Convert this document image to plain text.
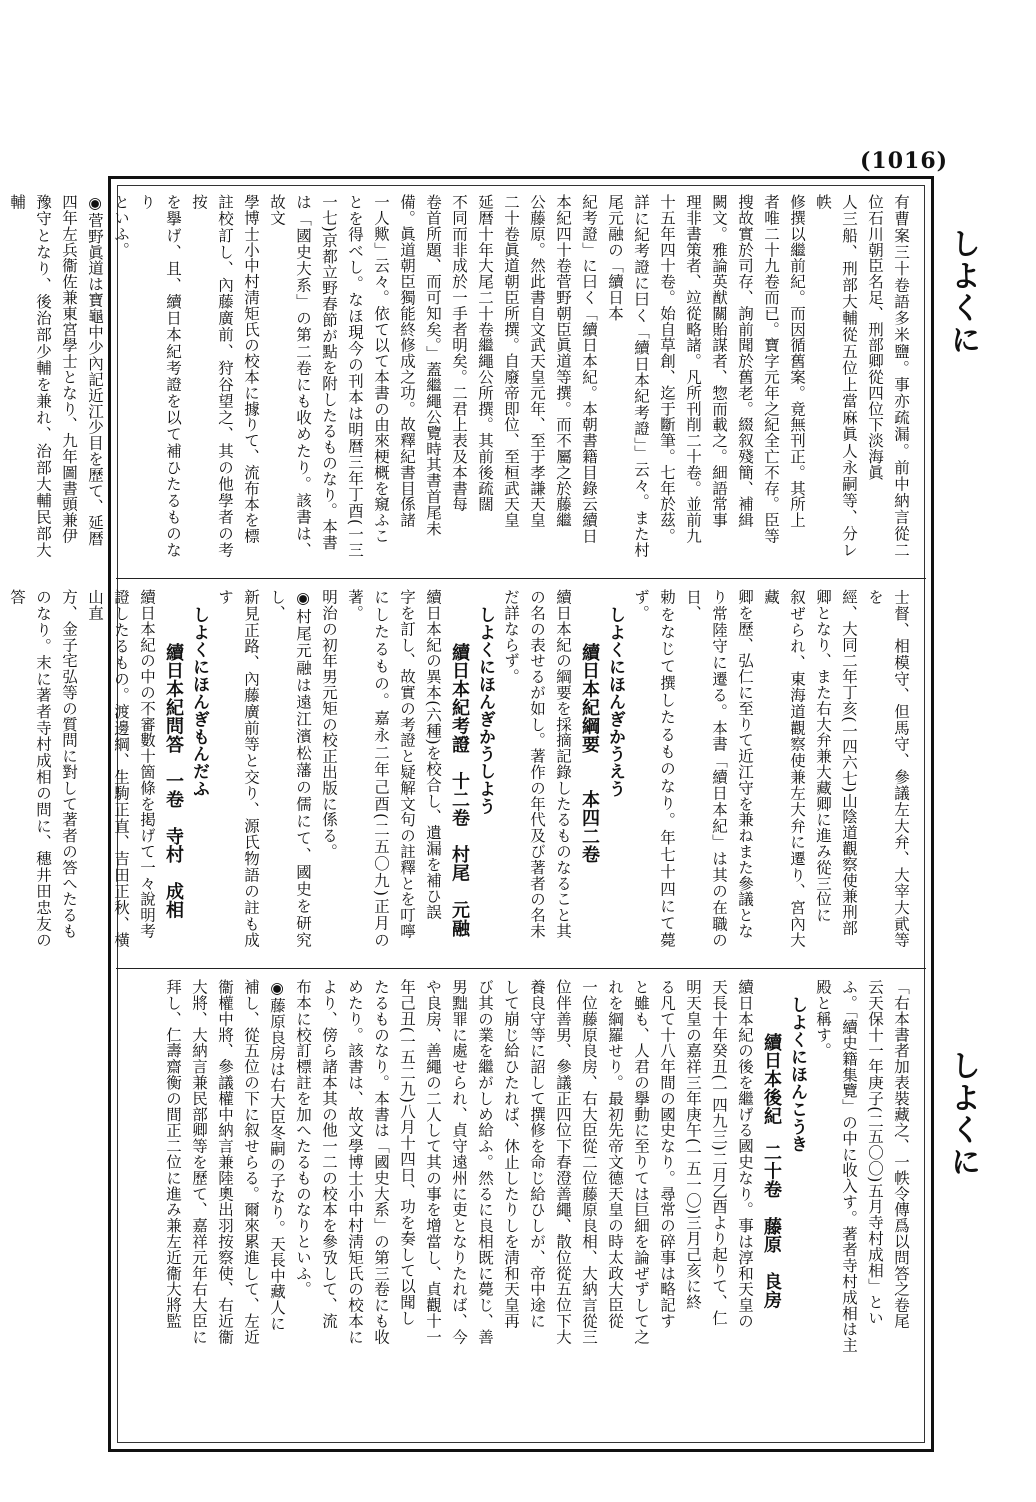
(1016)
しよくに
しよくに

有曹案三十卷語多米鹽。事亦疏漏。前中納言從二位石川朝臣名足、刑部卿從四位下淡海眞

人三船、刑部大輔從五位上當麻眞人永嗣等、分レ帙

修撰以繼前紀。而因循舊案。竟無刊正。其所上

者唯二十九卷而已。寶字元年之紀全亡不存。臣等

搜故實於司存、詢前聞於舊老。綴叙殘簡、補緝

闕文。雅論英猷關貽謀者、惣而載之。細語常事

理非書策者、竝從略諸。凡所刊削二十卷。並前九

十五年四十卷。始自草創、迄于斷筆。七年於茲。

詳に紀考證に曰く「續日本紀考證」」云々。また村尾元融の「續日本

紀考證」に曰く「續日本紀。本朝書籍目錄云續日

本紀四十卷菅野朝臣眞道等撰。而不屬之於藤繼

公藤原。然此書自文武天皇元年、至于孝謙天皇

二十卷眞道朝臣所撰。自廢帝即位、至桓武天皇

延暦十年大尾二十卷繼繩公所撰。其前後疏闊

不同而非成於一手者明矣。二君上表及本書每

卷首所題、而可知矣。」蓋繼繩公覽時其書首尾未

備。眞道朝臣獨能終修成之功。故釋紀書目係諸

一人歟」云々。依て以て本書の由來梗概を窺ふこ

とを得べし。なほ現今の刊本は明暦三年丁酉(一三一七)京都立野春節が點を附したるものなり。本書

は「國史大系」の第二卷にも收めたり。該書は、故文

學博士小中村淸矩氏の校本に據りて、流布本を標

註校訂し、內藤廣前、狩谷望之、其の他學者の考按

を擧げ、且、續日本紀考證を以て補ひたるものなり

といふ。

◉菅野眞道は寶龜中少內記近江少目を歷て、延暦

四年左兵衞佐兼東宮學士となり、九年圖書頭兼伊

豫守となり、後治部少輔を兼れ、治部大輔民部大輔

士督、相模守、但馬守、參議左大弁、大宰大貮等を

經、大同二年丁亥(一四六七)山陰道觀察使兼刑部

卿となり、また右大弁兼大藏卿に進み從三位に

叙ぜられ、東海道觀察使兼左大弁に遷り、宮內大藏

卿を歷、弘仁に至りて近江守を兼ねまた參議とな

り常陸守に遷る。本書「續日本紀」は其の在職の日、

勅をなじて撰したるものなり。年七十四にて薨ず。

しよくにほんぎかうえう

續日本紀綱要　　本四二卷

續日本紀の綱要を採摘記錄したるものなること其

の名の表せるが如し。著作の年代及び著者の名未

だ詳ならず。

しよくにほんぎかうしよう

續日本紀考證　十二卷　村尾　元融

續日本紀の異本(六種)を校合し、遺漏を補ひ誤

字を訂し、故實の考證と疑解文句の註釋とを叮嚀

にしたるもの。嘉永二年己酉(二五〇九)正月の著。

明治の初年男元矩の校正出版に係る。

◉村尾元融は遠江濱松藩の儒にて、國史を研究し、

新見正路、內藤廣前等と交り、源氏物語の註も成す

しよくにほんぎもんだふ

續日本紀問答　一卷　寺村　成相

續日本紀の中の不審數十箇條を掲げて一々說明考

證したるもの。渡邊綱、生駒正直、吉田正秋、橫山直

方、金子宅弘等の質問に對して著者の答へたるも

のなり。末に著者寺村成相の問に、穗井田忠友の答

「右本書者加表裝藏之、一帙令傳爲以問答之卷尾

云天保十一年庚子(二五〇〇)五月寺村成相」とい

ふ。「續史籍集覽」の中に收入す。著者寺村成相は主

殿と稱す。

しよくにほんこうき

續日本後紀　二十卷　藤原　良房

續日本紀の後を繼げる國史なり。事は淳和天皇の

天長十年癸丑(一四九三)二月乙酉より起りて、仁

明天皇の嘉祥三年庚午(一五一〇)三月己亥に終

る凡て十八年間の國史なり。尋常の碎事は略記す

と雖も、人君の擧動に至りては巨細を論ぜずして之

れを綱羅せり。最初先帝文德天皇の時太政大臣從

一位藤原良房、右大臣從二位藤原良相、大納言從三

位伴善男、參議正四位下春澄善繩、散位從五位下大

養良守等に詔して撰修を命じ給ひしが、帝中途に

して崩じ給ひたれば、休止したりしを淸和天皇再

び其の業を繼がしめ給ふ。然るに良相既に薨じ、善

男黜罪に處せられ、貞守遠州に吏となりたれば、今

や良房、善繩の二人して其の事を增當し、貞觀十一

年己丑(一五二九)八月十四日、功を奏して以聞し

たるものなり。本書は「國史大系」の第三卷にも收

めたり。該書は、故文學博士小中村淸矩氏の校本に

より、傍ら諸本其の他一二の校本を參攷して、流

布本に校訂標註を加へたるものなりといふ。

◉藤原良房は右大臣冬嗣の子なり。天長中藏人に

補し、從五位の下に叙せらる。爾來累進して、左近

衞權中將、參議權中納言兼陸奧出羽按察使、右近衞

大將、大納言兼民部卿等を歷て、嘉祥元年右大臣に

拜し、仁壽齋衡の間正二位に進み兼左近衞大將監
